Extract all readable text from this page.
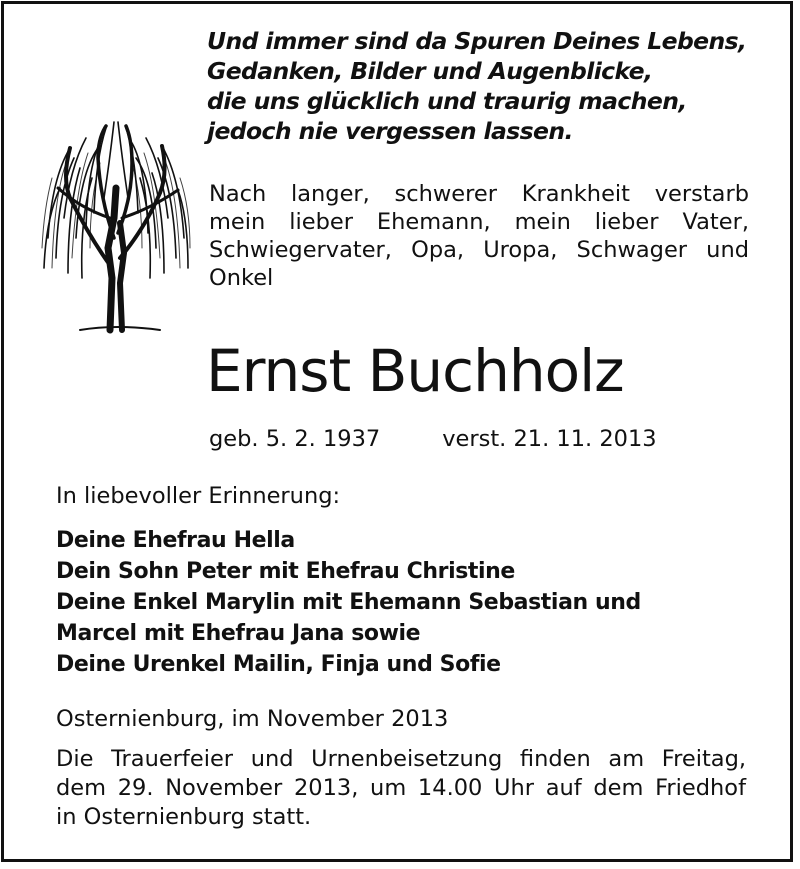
Und immer sind da Spuren Deines Lebens,
Gedanken, Bilder und Augenblicke,
die uns glücklich und traurig machen,
jedoch nie vergessen lassen.
Nach langer, schwerer Krankheit verstarb
mein lieber Ehemann, mein lieber Vater,
Schwiegervater, Opa, Uropa, Schwager und
Onkel
Ernst Buchholz
geb. 5. 2. 1937	verst. 21. 11. 2013
In liebevoller Erinnerung:
Deine Ehefrau Hella
Dein Sohn Peter mit Ehefrau Christine
Deine Enkel Marylin mit Ehemann Sebastian und
Marcel mit Ehefrau Jana sowie
Deine Urenkel Mailin, Finja und Sofie
Osternienburg, im November 2013
Die Trauerfeier und Urnenbeisetzung finden am Freitag,
dem 29. November 2013, um 14.00 Uhr auf dem Friedhof
in Osternienburg statt.
